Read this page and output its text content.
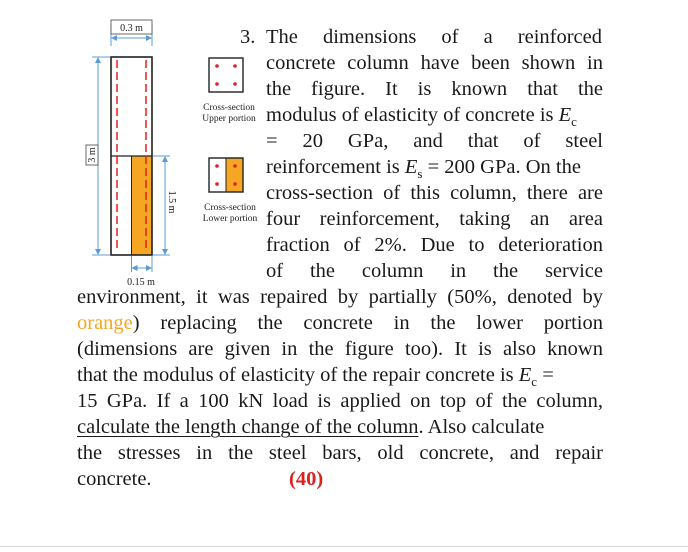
0.3 m
3 m
1.5 m
0.15 m
Cross-section
Upper portion
Cross-section
Lower portion

3. The dimensions of a reinforced

concrete column have been shown in

the figure. It is known that the

modulus of elasticity of concrete is $E_c$

=  20  GPa,  and  that  of  steel

reinforcement is $E_s = 200$ GPa. On the

cross-section of this column, there are

four reinforcement, taking an area

fraction of 2%. Due to deterioration

of  the  column  in  the  service

environment, it was repaired by partially (50%, denoted by

orange) replacing the concrete in the lower portion

(dimensions are given in the figure too). It is also known

that the modulus of elasticity of the repair concrete is $E_c$ =

15 GPa. If a 100 kN load is applied on top of the column,

calculate the length change of the column. Also calculate

the stresses in the steel bars, old concrete, and repair

concrete.	(40)
